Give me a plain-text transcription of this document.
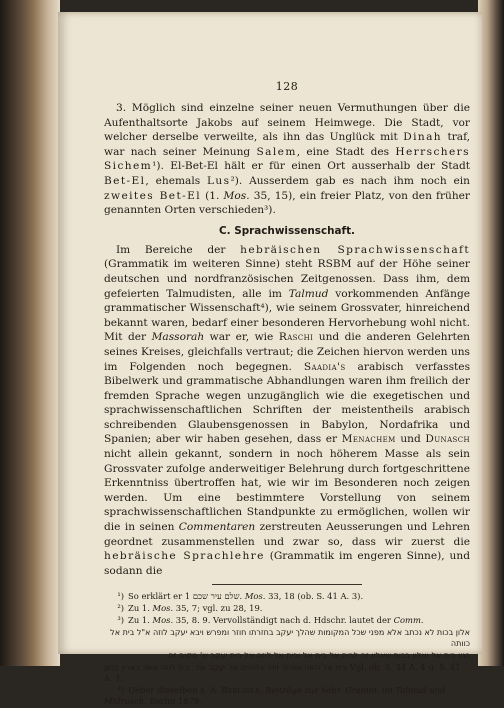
128

3. Möglich sind einzelne seiner neuen Vermuthungen über die Aufenthaltsorte Jakobs auf seinem Heimwege. Die Stadt, vor welcher derselbe verweilte, als ihn das Unglück mit Dinah traf, war nach seiner Meinung Salem, eine Stadt des Herrschers Sichem¹). El-Bet-El hält er für einen Ort ausserhalb der Stadt Bet-El, ehemals Lus²). Ausserdem gab es nach ihm noch ein zweites Bet-El (1. Mos. 35, 15), ein freier Platz, von den früher genannten Orten verschieden³).

C. Sprachwissenschaft.

Im Bereiche der hebräischen Sprachwissenschaft (Grammatik im weiteren Sinne) steht RSBM auf der Höhe seiner deutschen und nordfranzösischen Zeitgenossen. Dass ihm, dem gefeierten Talmudisten, alle im Talmud vorkommenden Anfänge grammatischer Wissenschaft⁴), wie seinem Grossvater, hinreichend bekannt waren, bedarf einer besonderen Hervorhebung wohl nicht. Mit der Massorah war er, wie Raschi und die anderen Gelehrten seines Kreises, gleichfalls vertraut; die Zeichen hiervon werden uns im Folgenden noch begegnen. Saadia's arabisch verfasstes Bibelwerk und grammatische Abhandlungen waren ihm freilich der fremden Sprache wegen unzugänglich wie die exegetischen und sprachwissenschaftlichen Schriften der meistentheils arabisch schreibenden Glaubensgenossen in Babylon, Nordafrika und Spanien; aber wir haben gesehen, dass er Menachem und Dunasch nicht allein gekannt, sondern in noch höherem Masse als sein Grossvater zufolge anderweitiger Belehrung durch fortgeschrittene Erkenntniss übertroffen hat, wie wir im Besonderen noch zeigen werden. Um eine bestimmtere Vorstellung von seinem sprachwissenschaftlichen Standpunkte zu ermöglichen, wollen wir die in seinen Commentaren zerstreuten Aeusserungen und Lehren geordnet zusammenstellen und zwar so, dass wir zuerst die hebräische Sprachlehre (Grammatik im engeren Sinne), und sodann die

¹) So erklärt er שלם עיר שכם 1. Mos. 33, 18 (ob. S. 41 A. 3).
²) Zu 1. Mos. 35, 7; vgl. zu 28, 19.
³) Zu 1. Mos. 35, 8. 9. Vervollständigt nach d. Hdschr. lautet der Comm.
אלון בכות לא נכתב אלא מפני שכל המקומות שהלך יעקב בחזרתו חוזר ומפרש ויבא יעקב לוזה א"ל בית אל כוותה
כגון בית אל ואלון בכות שאלון זה לבית אל בית אל ובית אל לוזה אל בית יעקב ש' מקום זה
בית אל השני שאחר ויהי אלוהים אל יעקב עוד. בית לוזה אשר בארץ כנען Vgl. ob. S. 34 A. 4 u. S. 41 A. 1.
⁴) Ueber dieselben s. A. Berliner, Beiträge zur hebr. Gramm. im Talmud und Midrasch, Berlin 1879.
